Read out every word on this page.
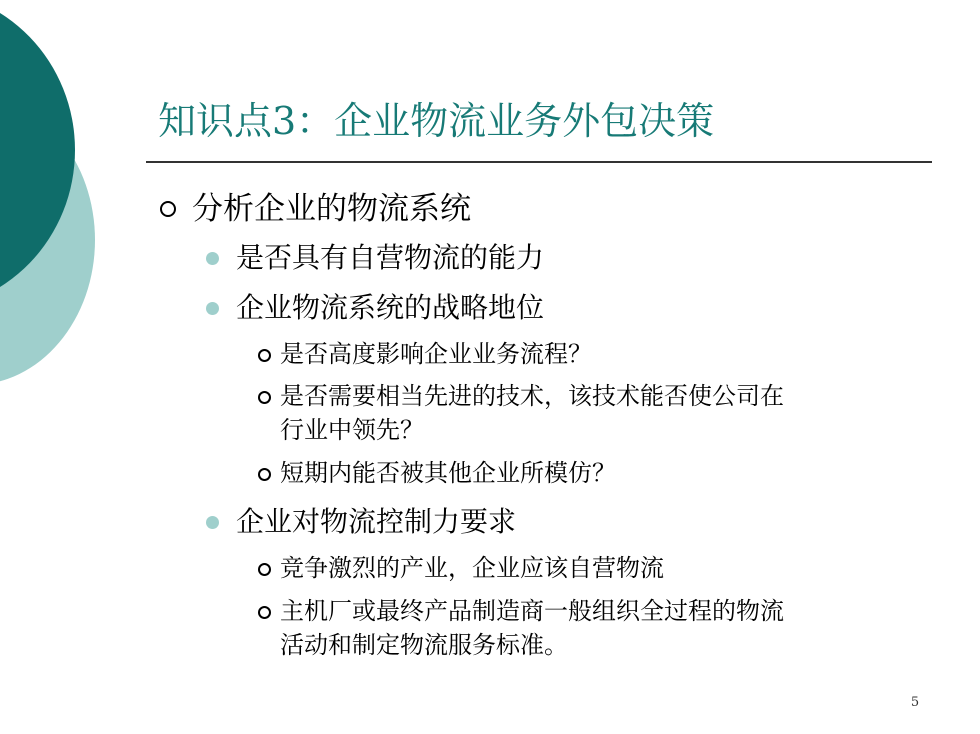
知识点3：企业物流业务外包决策
分析企业的物流系统
是否具有自营物流的能力
企业物流系统的战略地位
是否高度影响企业业务流程？
是否需要相当先进的技术，该技术能否使公司在
行业中领先？
短期内能否被其他企业所模仿？
企业对物流控制力要求
竞争激烈的产业，企业应该自营物流
主机厂或最终产品制造商一般组织全过程的物流
活动和制定物流服务标准。
5
